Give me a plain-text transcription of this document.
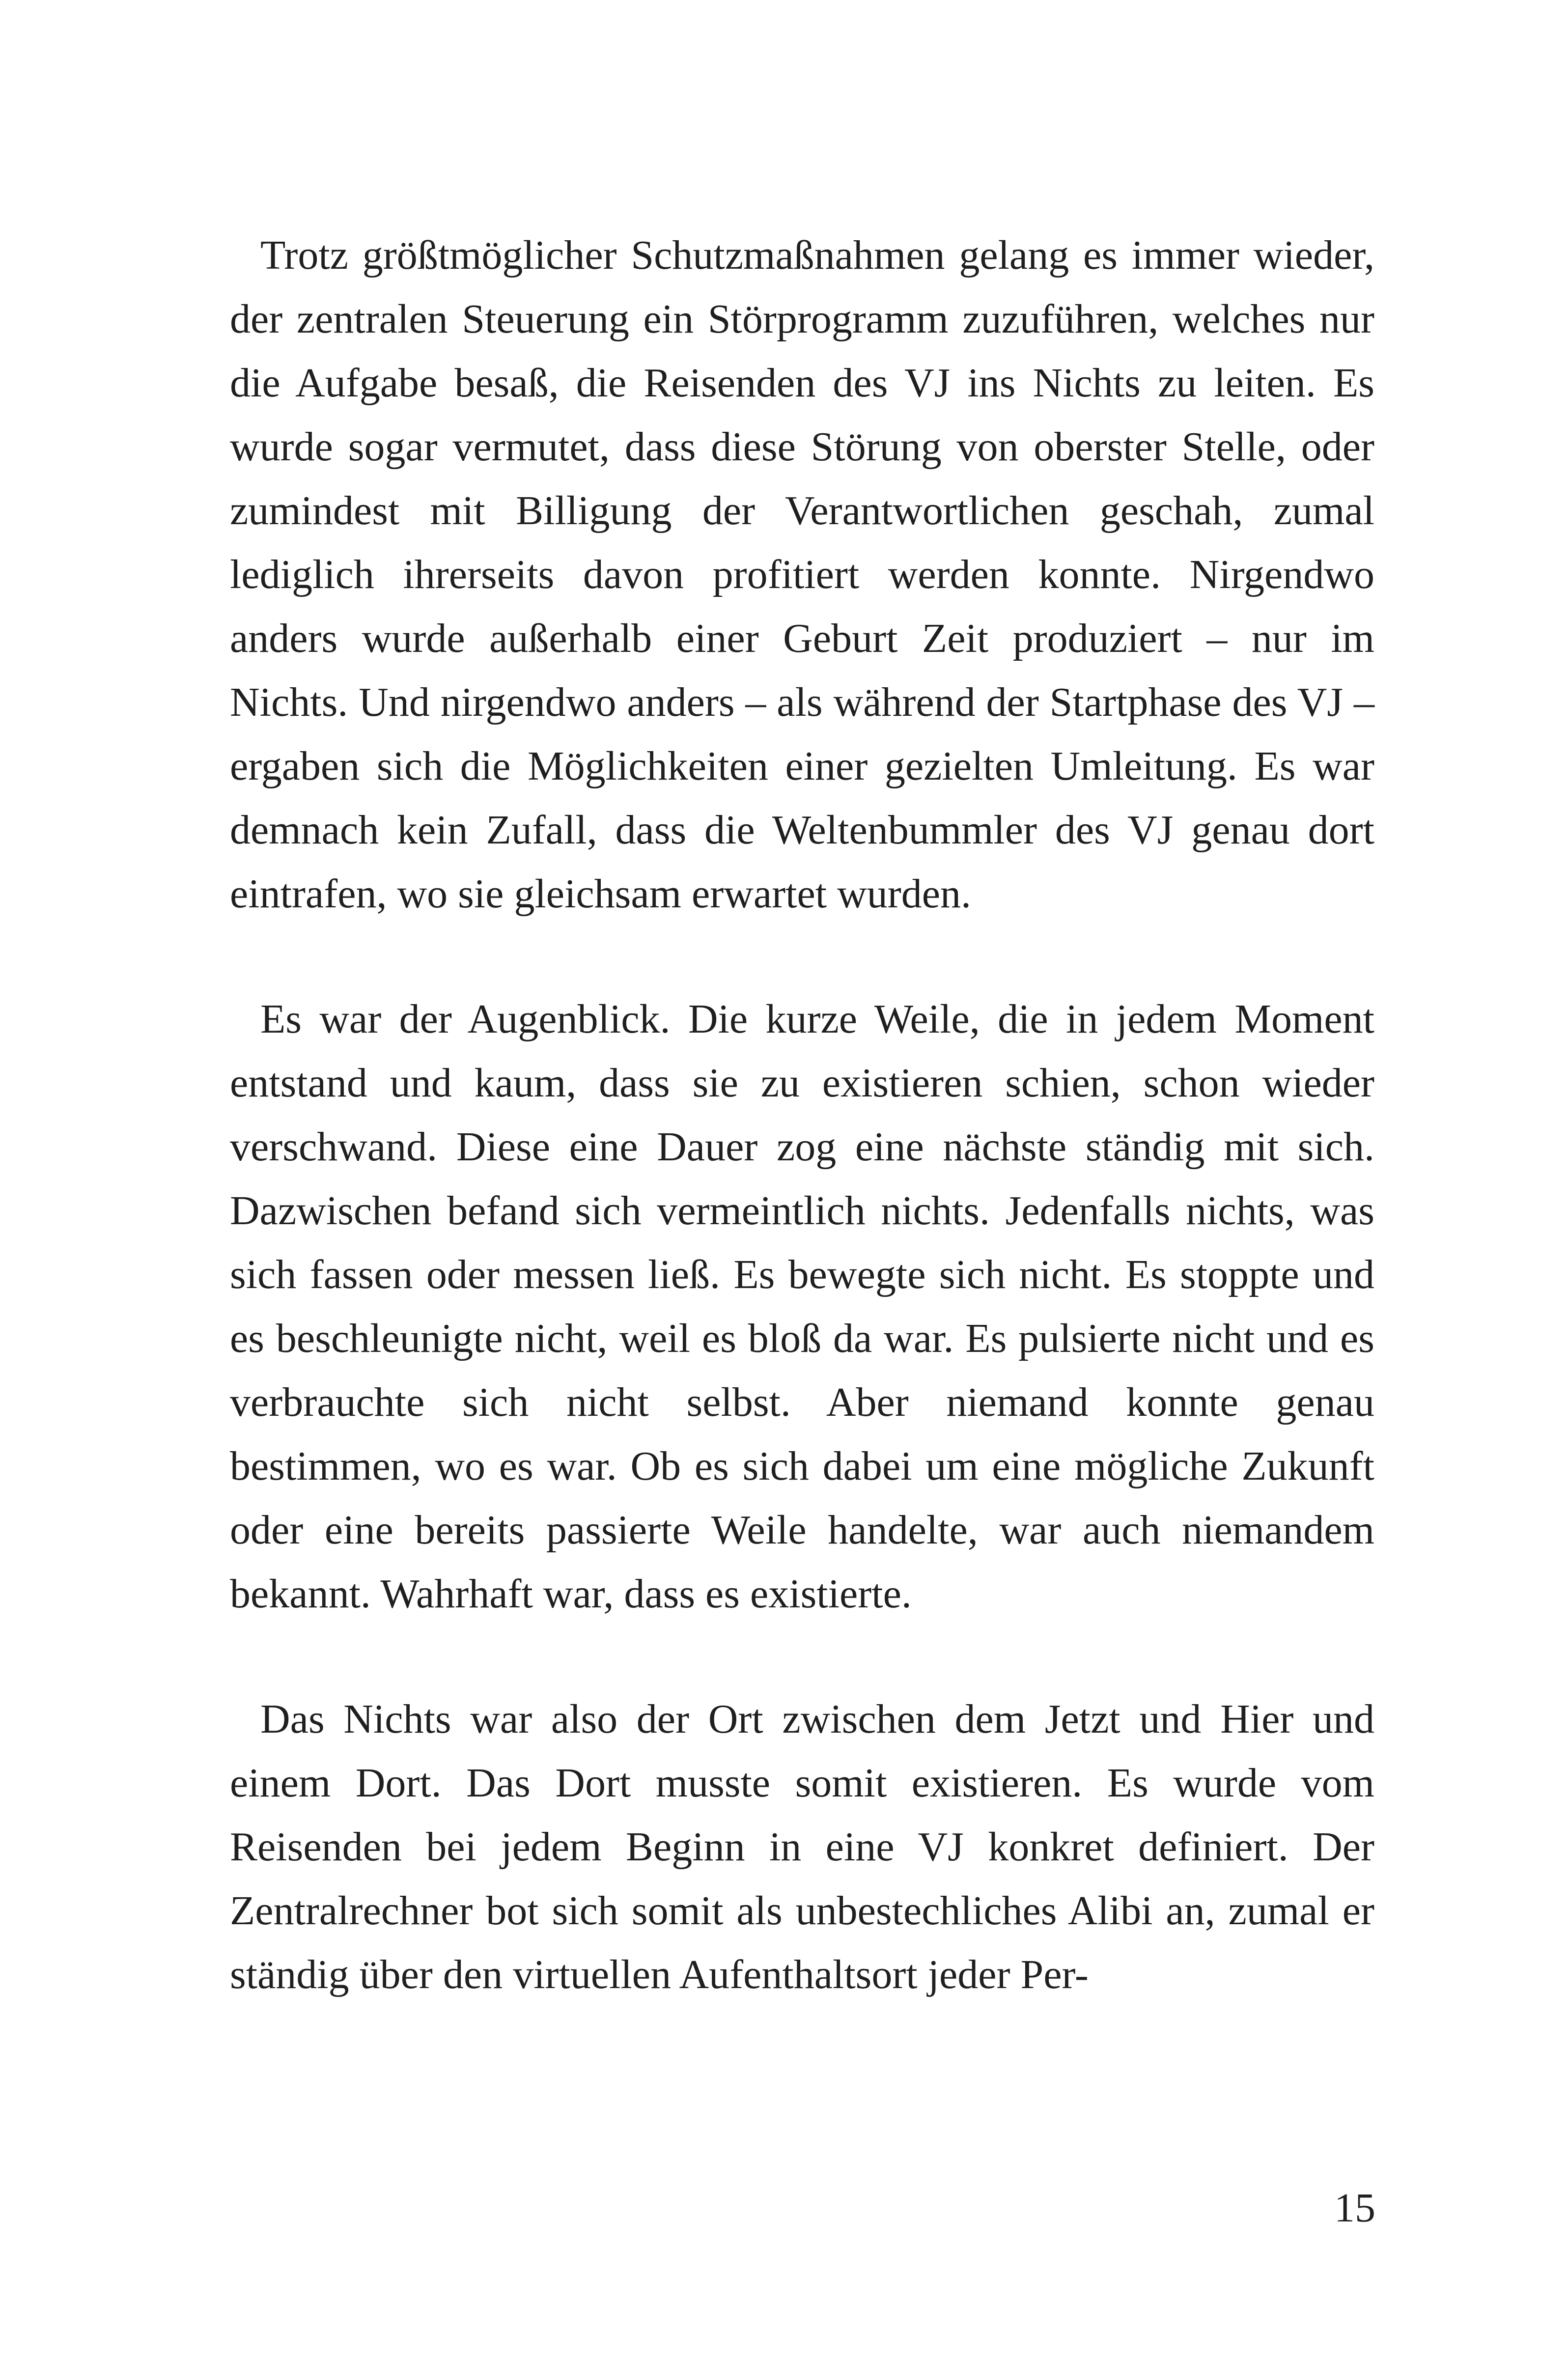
Trotz größtmöglicher Schutzmaßnahmen gelang es immer wieder, der zentralen Steuerung ein Störprogramm zuzuführen, welches nur die Aufgabe besaß, die Reisenden des VJ ins Nichts zu leiten. Es wurde sogar vermutet, dass diese Störung von oberster Stelle, oder zumindest mit Billigung der Verantwortlichen geschah, zumal lediglich ihrerseits davon profitiert werden konnte. Nirgendwo anders wurde außerhalb einer Geburt Zeit produziert – nur im Nichts. Und nirgendwo anders – als während der Startphase des VJ – ergaben sich die Möglichkeiten einer gezielten Umleitung. Es war demnach kein Zufall, dass die Weltenbummler des VJ genau dort eintrafen, wo sie gleichsam erwartet wurden.

Es war der Augenblick. Die kurze Weile, die in jedem Moment entstand und kaum, dass sie zu existieren schien, schon wieder verschwand. Diese eine Dauer zog eine nächste ständig mit sich. Dazwischen befand sich vermeintlich nichts. Jedenfalls nichts, was sich fassen oder messen ließ. Es bewegte sich nicht. Es stoppte und es beschleunigte nicht, weil es bloß da war. Es pulsierte nicht und es verbrauchte sich nicht selbst. Aber niemand konnte genau bestimmen, wo es war. Ob es sich dabei um eine mögliche Zukunft oder eine bereits passierte Weile handelte, war auch niemandem bekannt. Wahrhaft war, dass es existierte.

Das Nichts war also der Ort zwischen dem Jetzt und Hier und einem Dort. Das Dort musste somit existieren. Es wurde vom Reisenden bei jedem Beginn in eine VJ konkret definiert. Der Zentralrechner bot sich somit als unbestechliches Alibi an, zumal er ständig über den virtuellen Aufenthaltsort jeder Per-

15
